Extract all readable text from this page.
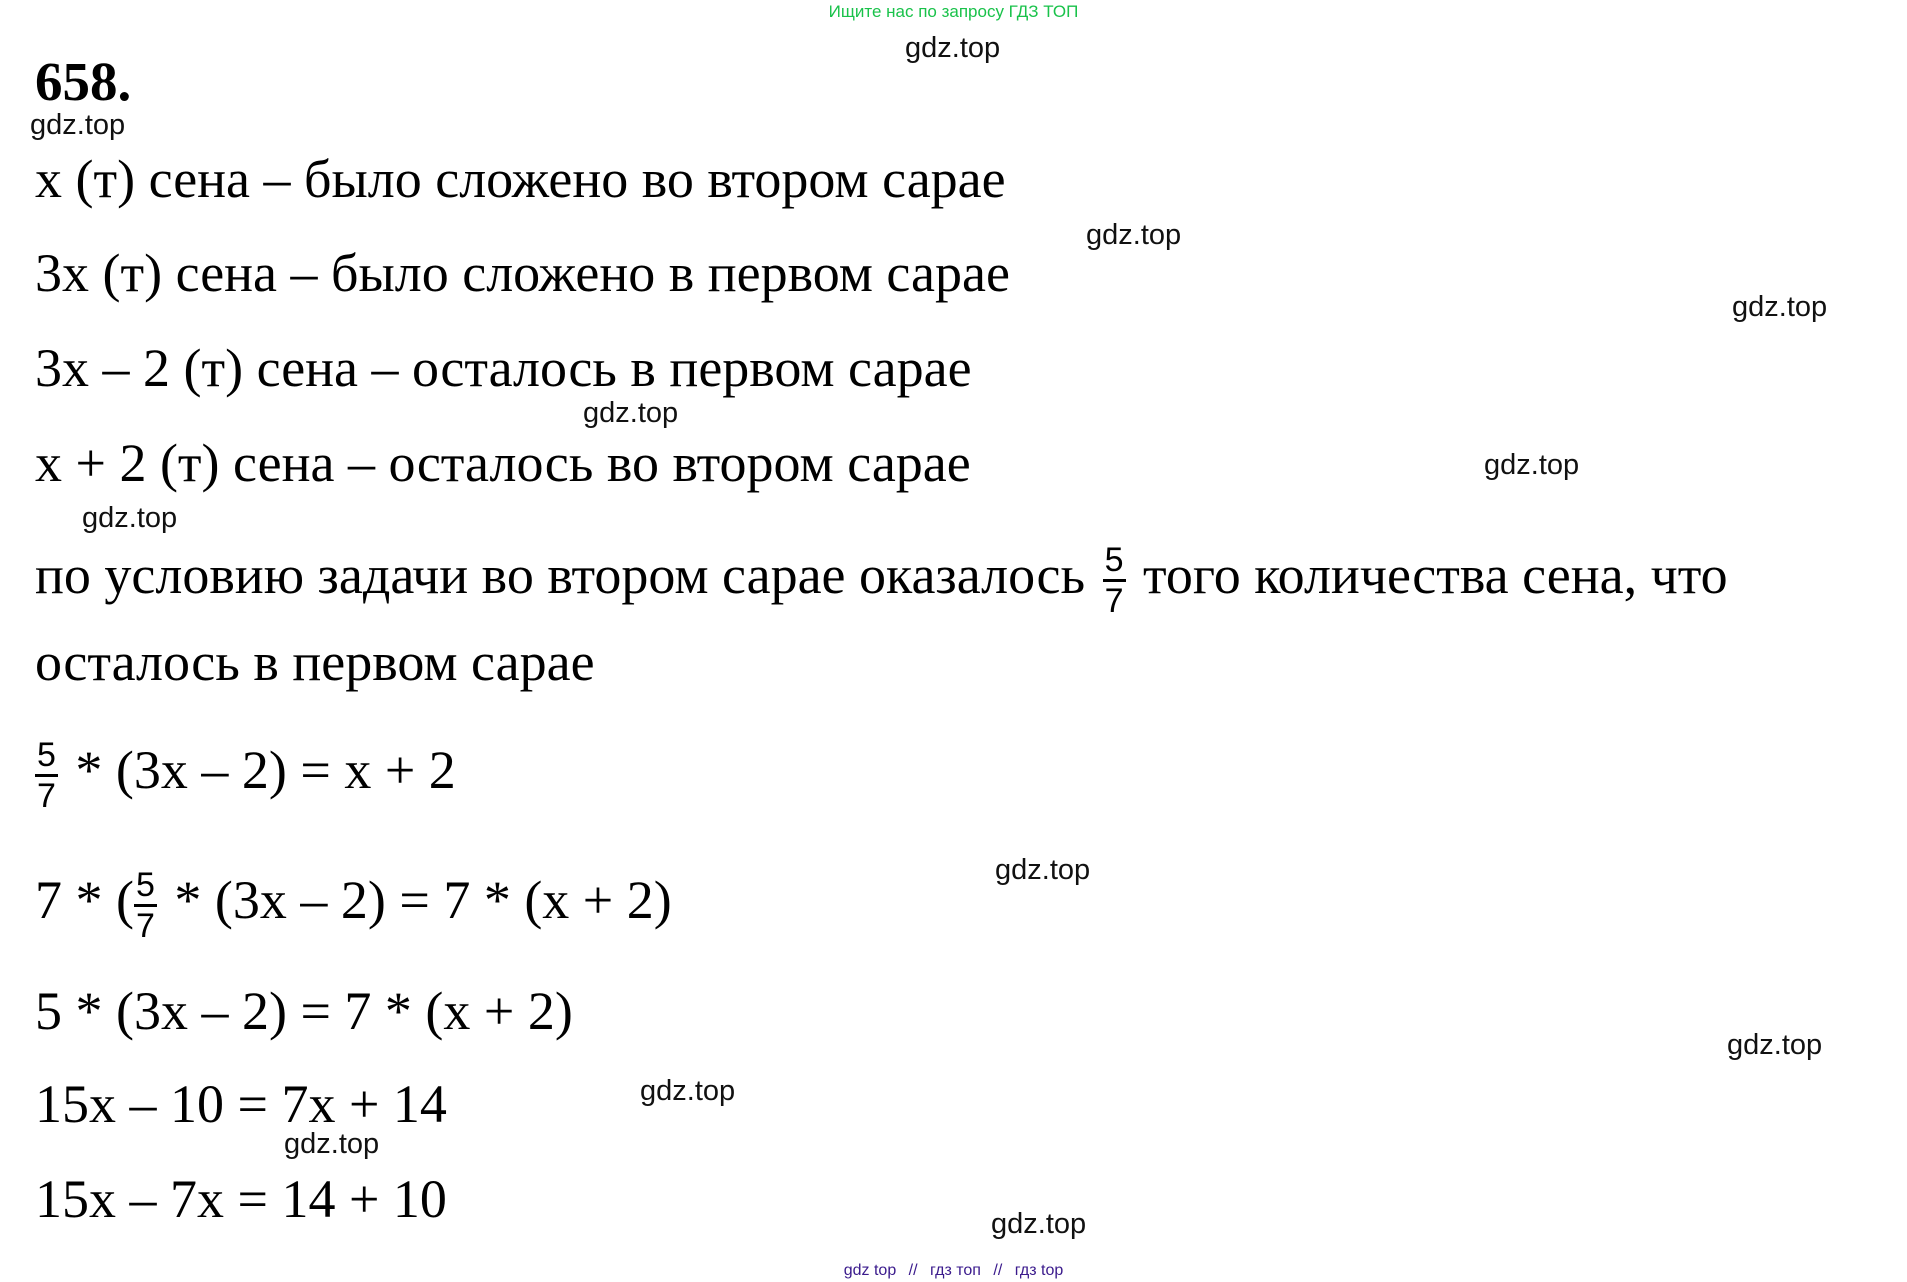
Ищите нас по запросу ГДЗ ТОП
658.
gdz.top
gdz.top
gdz.top
gdz.top
gdz.top
gdz.top
gdz.top
gdz.top
gdz.top
gdz.top
gdz.top
gdz.top
x (т) сена – было сложено во втором сарае
3x (т) сена – было сложено в первом сарае
3x – 2 (т) сена – осталось в первом сарае
x + 2 (т) сена – осталось во втором сарае
по условию задачи во втором сарае оказалось $\frac{5}{7}$ того количества сена, что
осталось в первом сарае
$\frac{5}{7} * (3x - 2) = x + 2$
7 * ( $\frac{5}{7} * (3x - 2) = 7 * (x + 2)$
5 * (3x – 2) = 7 * (x + 2)
15x – 10 = 7x + 14
15x – 7x = 14 + 10
gdz top // гдз топ // гдз top
